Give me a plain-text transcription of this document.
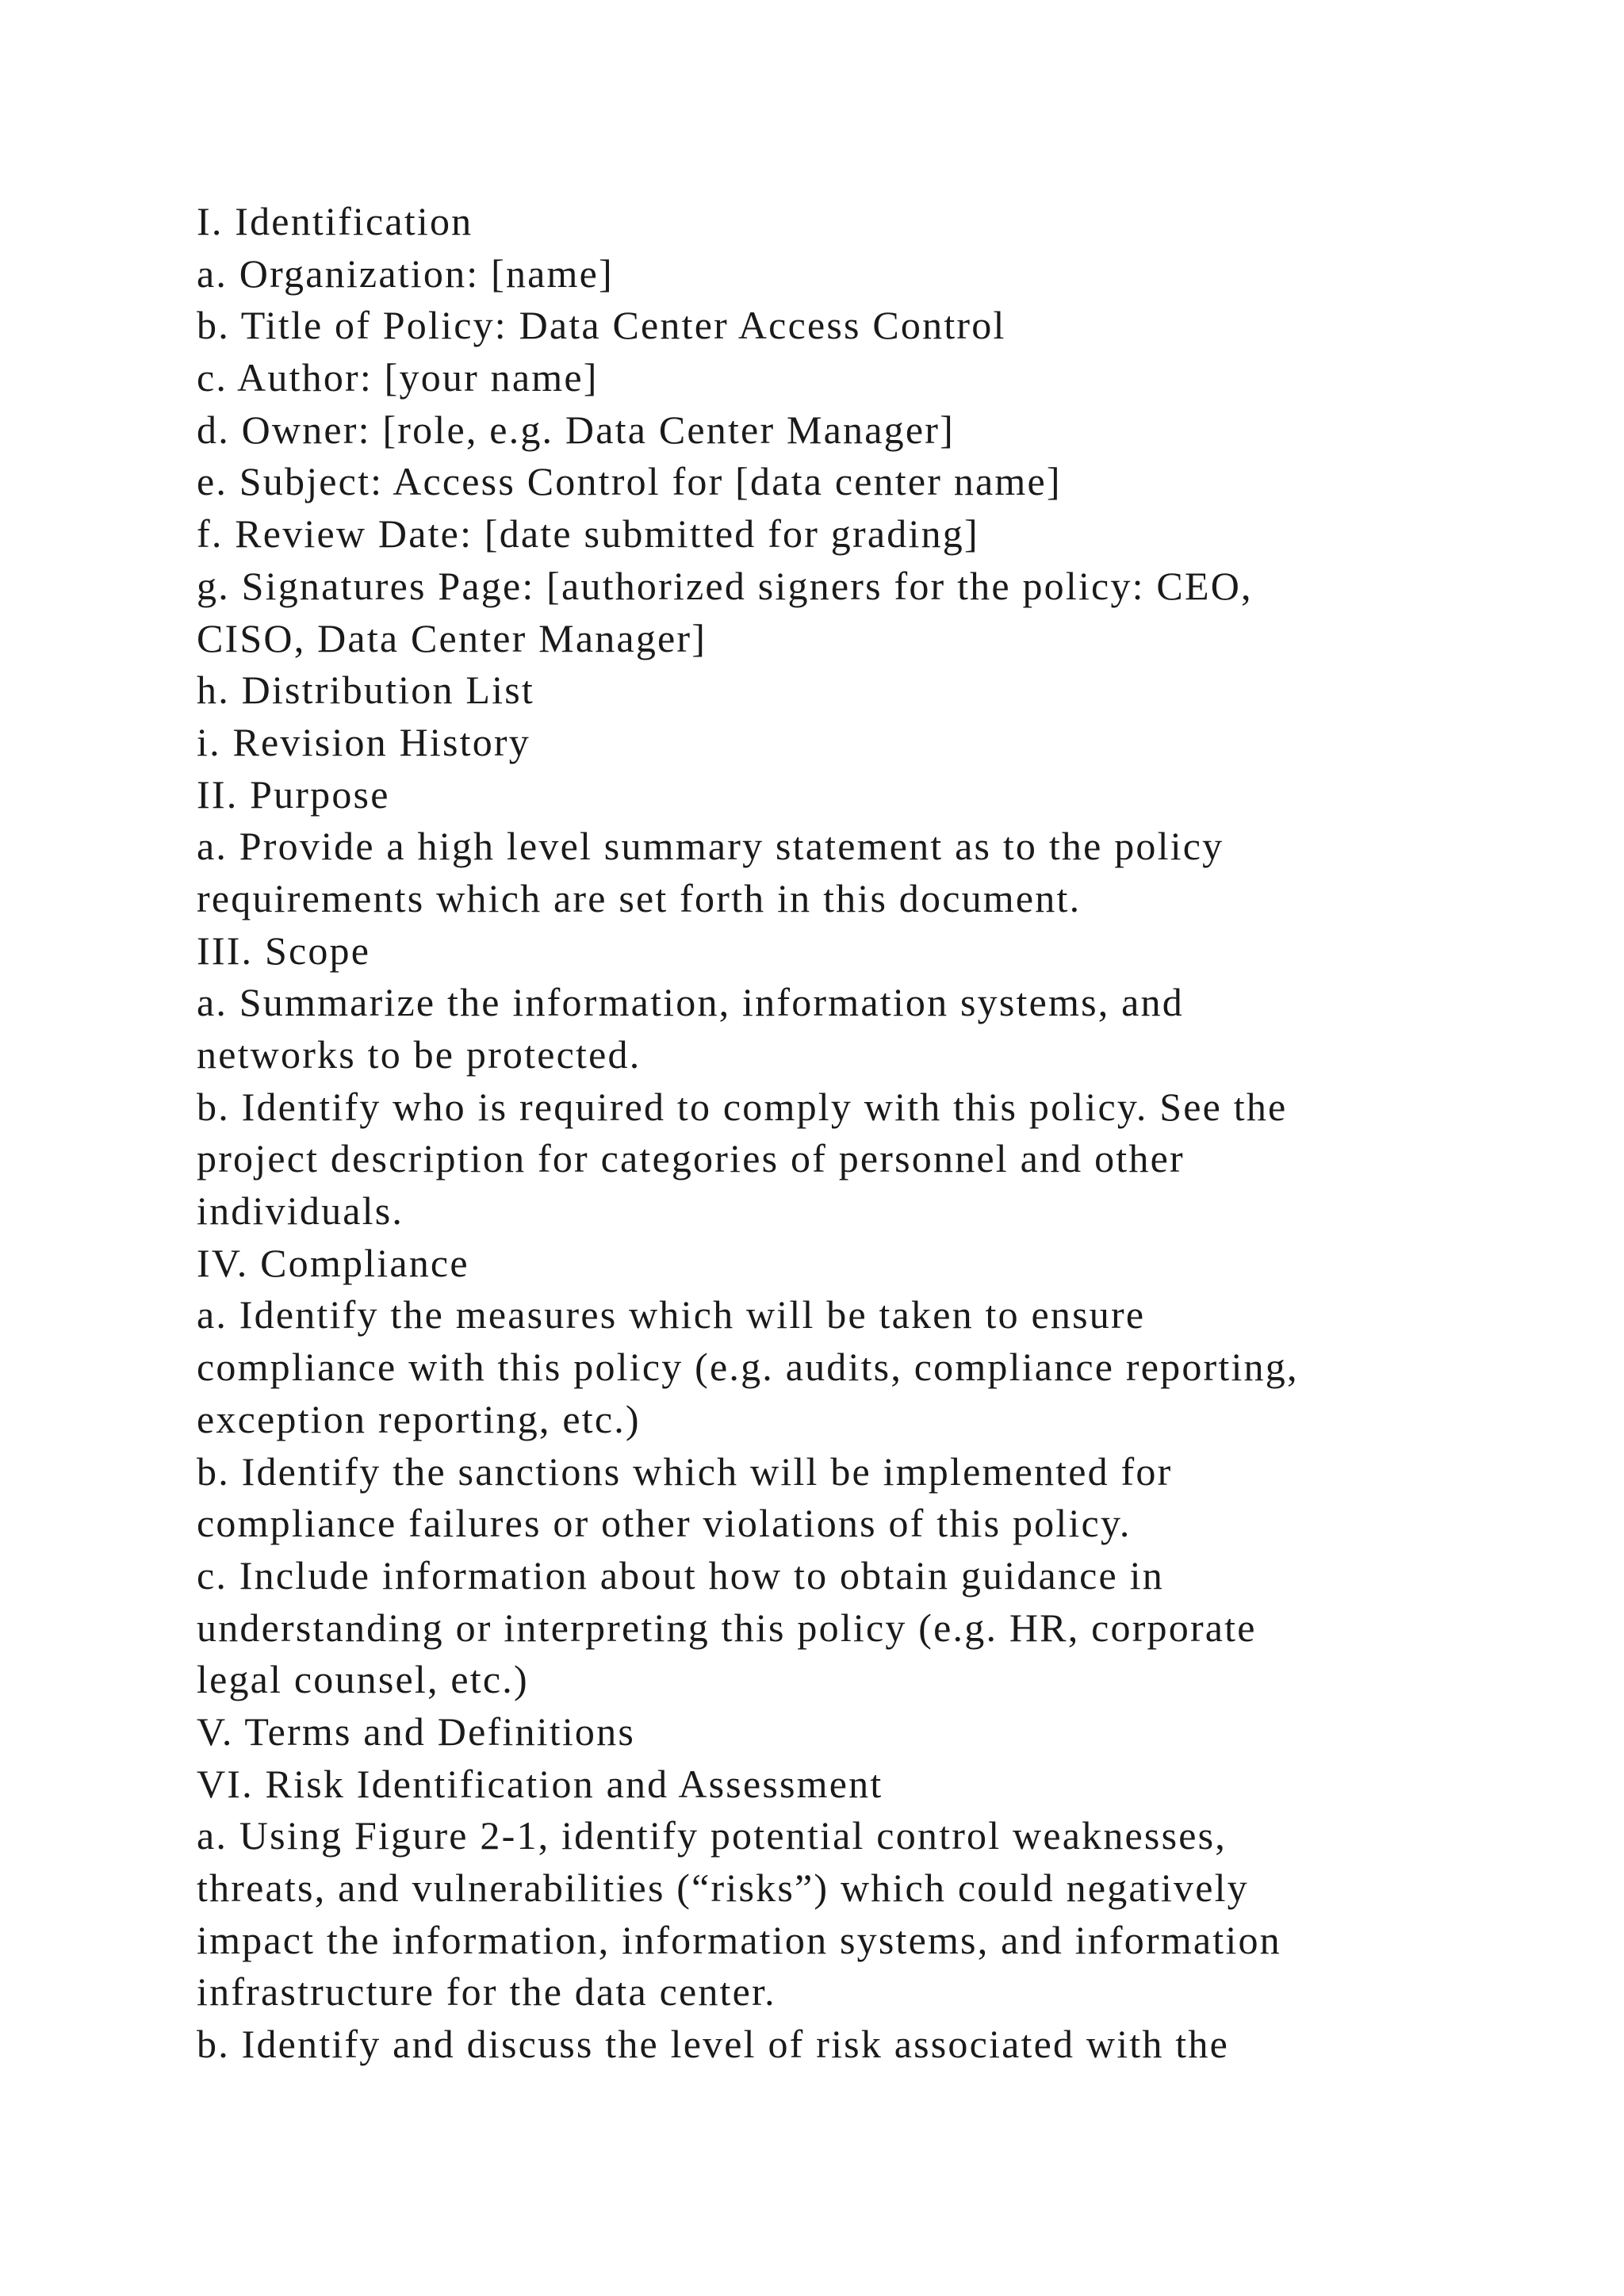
I. Identification
a. Organization: [name]
b. Title of Policy: Data Center Access Control
c. Author: [your name]
d. Owner: [role, e.g. Data Center Manager]
e. Subject: Access Control for [data center name]
f. Review Date: [date submitted for grading]
g. Signatures Page: [authorized signers for the policy: CEO,
CISO, Data Center Manager]
h. Distribution List
i. Revision History
II. Purpose
a. Provide a high level summary statement as to the policy
requirements which are set forth in this document.
III. Scope
a. Summarize the information, information systems, and
networks to be protected.
b. Identify who is required to comply with this policy. See the
project description for categories of personnel and other
individuals.
IV. Compliance
a. Identify the measures which will be taken to ensure
compliance with this policy (e.g. audits, compliance reporting,
exception reporting, etc.)
b. Identify the sanctions which will be implemented for
compliance failures or other violations of this policy.
c. Include information about how to obtain guidance in
understanding or interpreting this policy (e.g. HR, corporate
legal counsel, etc.)
V. Terms and Definitions
VI. Risk Identification and Assessment
a. Using Figure 2-1, identify potential control weaknesses,
threats, and vulnerabilities (“risks”) which could negatively
impact the information, information systems, and information
infrastructure for the data center.
b. Identify and discuss the level of risk associated with the
